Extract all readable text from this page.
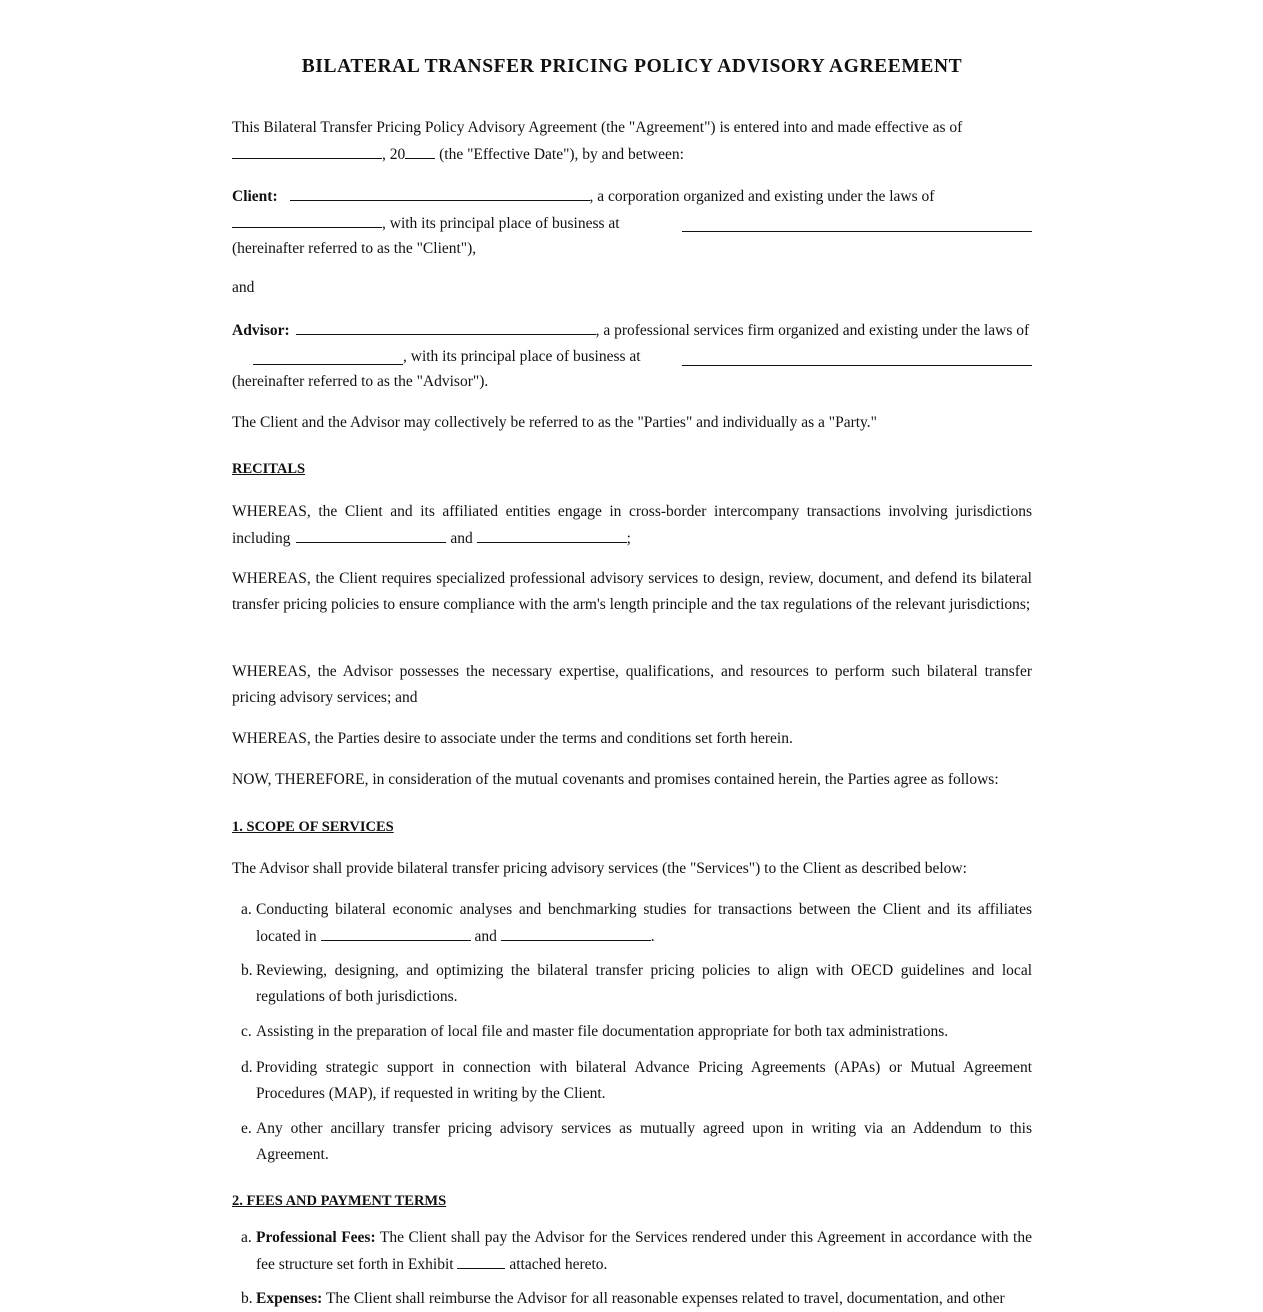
BILATERAL TRANSFER PRICING POLICY ADVISORY AGREEMENT
This Bilateral Transfer Pricing Policy Advisory Agreement (the "Agreement") is entered into and made effective as of
, 20 (the "Effective Date"), by and between:
Client:	, a corporation organized and existing under the laws of
, with its principal place of business at

(hereinafter referred to as the "Client"),
and
Advisor:	, a professional services firm organized and existing under the laws of

, with its principal place of business at

(hereinafter referred to as the "Advisor").
The Client and the Advisor may collectively be referred to as the "Parties" and individually as a "Party."
RECITALS
WHEREAS, the Client and its affiliated entities engage in cross-border intercompany transactions involving jurisdictions including	and	;
WHEREAS, the Client requires specialized professional advisory services to design, review, document, and defend its bilateral transfer pricing policies to ensure compliance with the arm's length principle and the tax regulations of the relevant jurisdictions;
WHEREAS, the Advisor possesses the necessary expertise, qualifications, and resources to perform such bilateral transfer pricing advisory services; and
WHEREAS, the Parties desire to associate under the terms and conditions set forth herein.
NOW, THEREFORE, in consideration of the mutual covenants and promises contained herein, the Parties agree as follows:
1. SCOPE OF SERVICES
The Advisor shall provide bilateral transfer pricing advisory services (the "Services") to the Client as described below:
a. Conducting bilateral economic analyses and benchmarking studies for transactions between the Client and its affiliates located in	and	.
b. Reviewing, designing, and optimizing the bilateral transfer pricing policies to align with OECD guidelines and local regulations of both jurisdictions.
c. Assisting in the preparation of local file and master file documentation appropriate for both tax administrations.
d. Providing strategic support in connection with bilateral Advance Pricing Agreements (APAs) or Mutual Agreement Procedures (MAP), if requested in writing by the Client.
e. Any other ancillary transfer pricing advisory services as mutually agreed upon in writing via an Addendum to this Agreement.
2. FEES AND PAYMENT TERMS
a. Professional Fees: The Client shall pay the Advisor for the Services rendered under this Agreement in accordance with the fee structure set forth in Exhibit	attached hereto.
b. Expenses: The Client shall reimburse the Advisor for all reasonable expenses related to travel, documentation, and other
